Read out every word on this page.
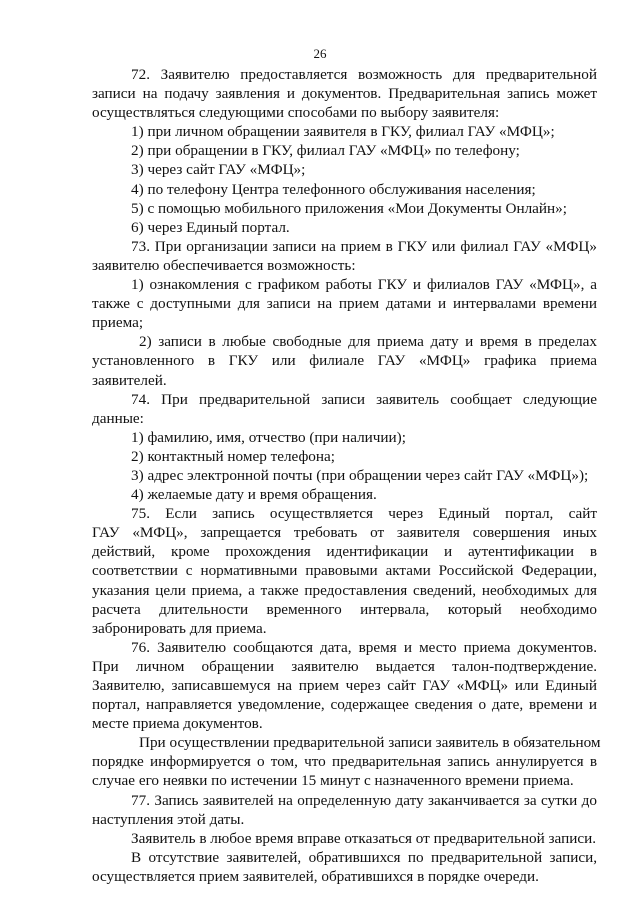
26
72. Заявителю предоставляется возможность для предварительной
записи на подачу заявления и документов. Предварительная запись может
осуществляться следующими способами по выбору заявителя:
1) при личном обращении заявителя в ГКУ, филиал ГАУ «МФЦ»;
2) при обращении в ГКУ, филиал ГАУ «МФЦ» по телефону;
3) через сайт ГАУ «МФЦ»;
4) по телефону Центра телефонного обслуживания населения;
5) с помощью мобильного приложения «Мои Документы Онлайн»;
6) через Единый портал.
73. При организации записи на прием в ГКУ или филиал ГАУ «МФЦ»
заявителю обеспечивается возможность:
1) ознакомления с графиком работы ГКУ и филиалов ГАУ «МФЦ», а
также с доступными для записи на прием датами и интервалами времени
приема;
2) записи в любые свободные для приема дату и время в пределах
установленного в ГКУ или филиале ГАУ «МФЦ» графика приема
заявителей.
74. При предварительной записи заявитель сообщает следующие
данные:
1) фамилию, имя, отчество (при наличии);
2) контактный номер телефона;
3) адрес электронной почты (при обращении через сайт ГАУ «МФЦ»);
4) желаемые дату и время обращения.
75. Если запись осуществляется через Единый портал, сайт
ГАУ «МФЦ», запрещается требовать от заявителя совершения иных
действий, кроме прохождения идентификации и аутентификации в
соответствии с нормативными правовыми актами Российской Федерации,
указания цели приема, а также предоставления сведений, необходимых для
расчета длительности временного интервала, который необходимо
забронировать для приема.
76. Заявителю сообщаются дата, время и место приема документов.
При личном обращении заявителю выдается талон-подтверждение.
Заявителю, записавшемуся на прием через сайт ГАУ «МФЦ» или Единый
портал, направляется уведомление, содержащее сведения о дате, времени и
месте приема документов.
При осуществлении предварительной записи заявитель в обязательном
порядке информируется о том, что предварительная запись аннулируется в
случае его неявки по истечении 15 минут с назначенного времени приема.
77. Запись заявителей на определенную дату заканчивается за сутки до
наступления этой даты.
Заявитель в любое время вправе отказаться от предварительной записи.
В отсутствие заявителей, обратившихся по предварительной записи,
осуществляется прием заявителей, обратившихся в порядке очереди.
